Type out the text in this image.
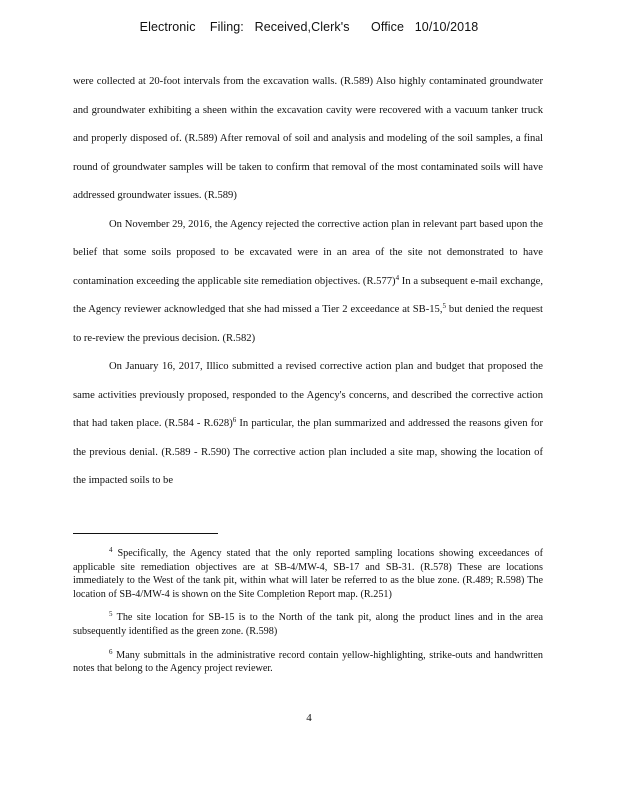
Electronic    Filing:   Received,Clerk's      Office   10/10/2018

were collected at 20-foot intervals from the excavation walls. (R.589) Also highly contaminated groundwater and groundwater exhibiting a sheen within the excavation cavity were recovered with a vacuum tanker truck and properly disposed of. (R.589) After removal of soil and analysis and modeling of the soil samples, a final round of groundwater samples will be taken to confirm that removal of the most contaminated soils will have addressed groundwater issues. (R.589)

On November 29, 2016, the Agency rejected the corrective action plan in relevant part based upon the belief that some soils proposed to be excavated were in an area of the site not demonstrated to have contamination exceeding the applicable site remediation objectives. $(R.577)^4$ In a subsequent e-mail exchange, the Agency reviewer acknowledged that she had missed a Tier 2 exceedance at SB-15,$^5$ but denied the request to re-review the previous decision. (R.582)

On January 16, 2017, Illico submitted a revised corrective action plan and budget that proposed the same activities previously proposed, responded to the Agency's concerns, and described the corrective action that had taken place. (R.584 - R.628)$^6$ In particular, the plan summarized and addressed the reasons given for the previous denial. (R.589 - R.590) The corrective action plan included a site map, showing the location of the impacted soils to be

$^4$ Specifically, the Agency stated that the only reported sampling locations showing exceedances of applicable site remediation objectives are at SB-4/MW-4, SB-17 and SB-31. (R.578) These are locations immediately to the West of the tank pit, within what will later be referred to as the blue zone. (R.489; R.598) The location of SB-4/MW-4 is shown on the Site Completion Report map. (R.251)

$^5$ The site location for SB-15 is to the North of the tank pit, along the product lines and in the area subsequently identified as the green zone. (R.598)

$^6$ Many submittals in the administrative record contain yellow-highlighting, strike-outs and handwritten notes that belong to the Agency project reviewer.

4
